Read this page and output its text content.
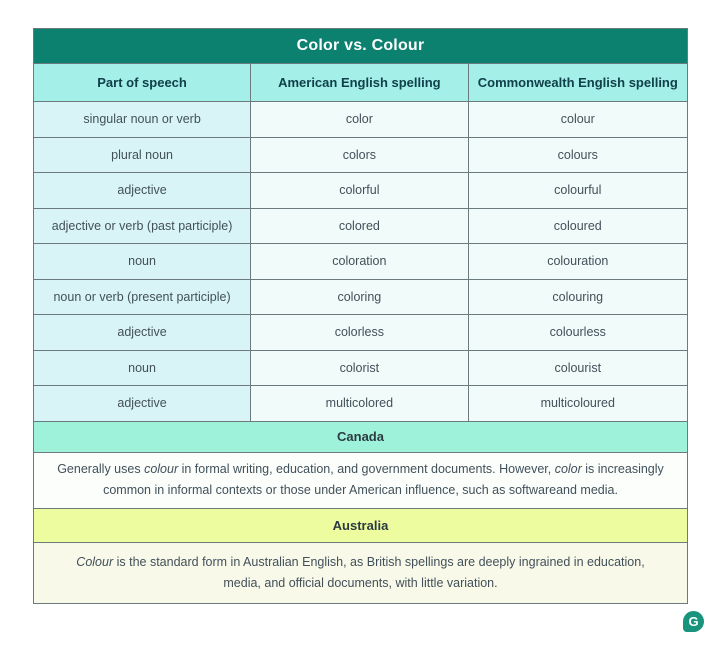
Color vs. Colour
Part of speech	American English spelling	Commonwealth English spelling
singular noun or verb	color	colour
plural noun	colors	colours
adjective	colorful	colourful
adjective or verb (past participle)	colored	coloured
noun	coloration	colouration
noun or verb (present participle)	coloring	colouring
adjective	colorless	colourless
noun	colorist	colourist
adjective	multicolored	multicoloured
Canada

Generally uses colour in formal writing, education, and government documents. However, color is increasingly common in informal contexts or those under American influence, such as softwareand media.

Australia

Colour is the standard form in Australian English, as British spellings are deeply ingrained in education, media, and official documents, with little variation.

G
